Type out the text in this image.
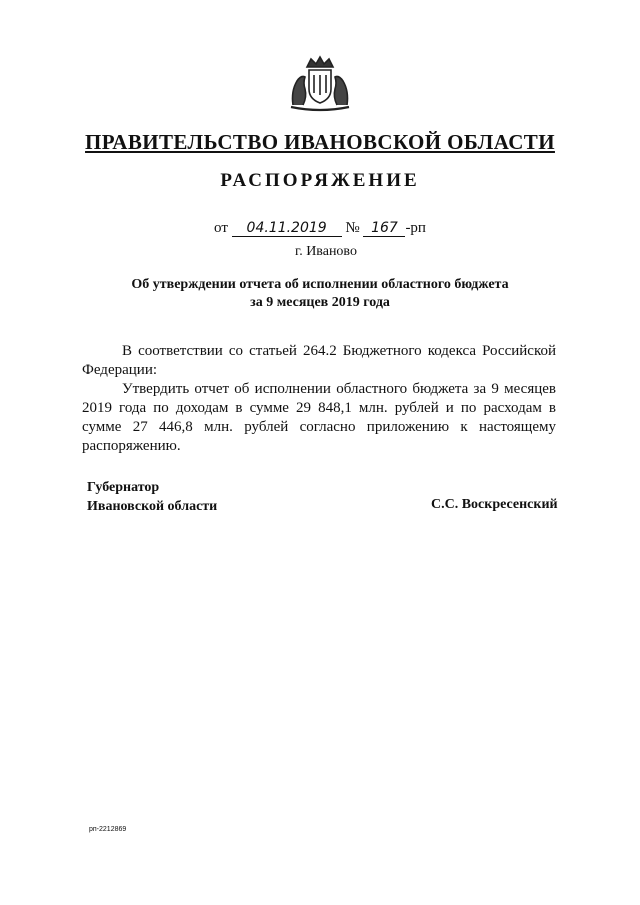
ПРАВИТЕЛЬСТВО ИВАНОВСКОЙ ОБЛАСТИ
РАСПОРЯЖЕНИЕ
от 04.11.2019 № 167 -рп
г. Иваново
Об утверждении отчета об исполнении областного бюджета
за 9 месяцев 2019 года

В соответствии со статьей 264.2 Бюджетного кодекса Российской Федерации:

Утвердить отчет об исполнении областного бюджета за 9 месяцев 2019 года по доходам в сумме 29 848,1 млн. рублей и по расходам в сумме 27 446,8 млн. рублей согласно приложению к настоящему распоряжению.

Губернатор
Ивановской области	С.С. Воскресенский
рп-2212869
